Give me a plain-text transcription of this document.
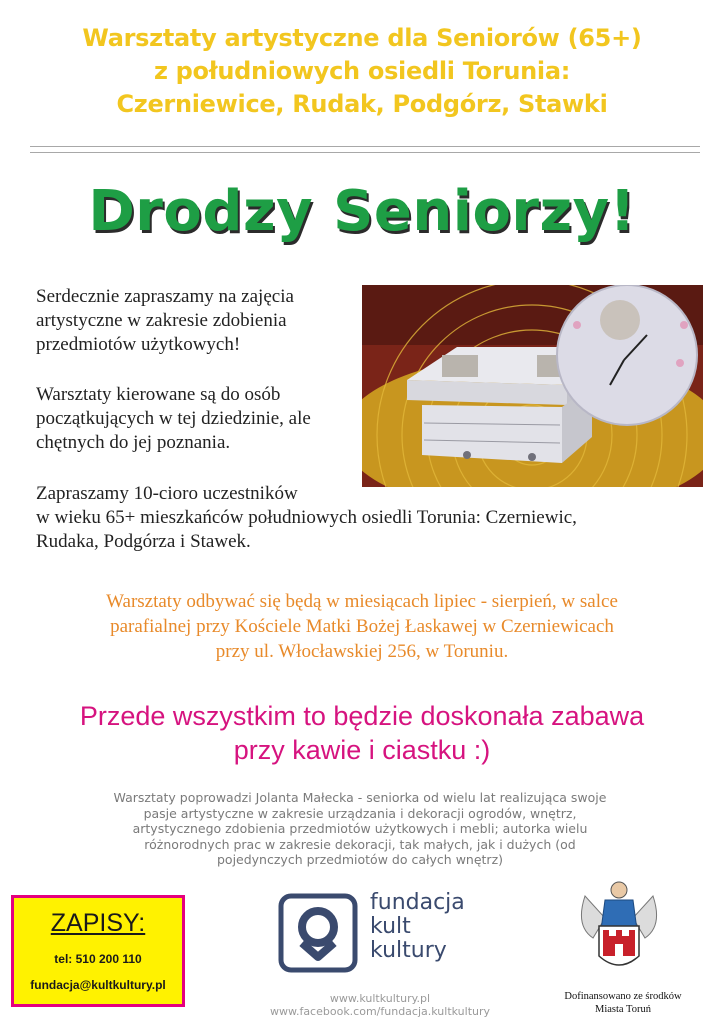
Warsztaty artystyczne dla Seniorów (65+)
z południowych osiedli Torunia:
Czerniewice, Rudak, Podgórz, Stawki
Drodzy Seniorzy!
Serdecznie zapraszamy na zajęcia artystyczne w zakresie zdobienia przedmiotów użytkowych!
Warsztaty kierowane są do osób początkujących w tej dziedzinie, ale chętnych do jej poznania.
Zapraszamy 10-cioro uczestników
w wieku 65+ mieszkańców południowych osiedli Torunia: Czerniewic,
Rudaka, Podgórza i Stawek.
Warsztaty odbywać się będą w miesiącach lipiec - sierpień, w salce
parafialnej przy Kościele Matki Bożej Łaskawej w Czerniewicach
przy ul. Włocławskiej 256, w Toruniu.
Przede wszystkim to będzie doskonała zabawa
przy kawie i ciastku :)
Warsztaty poprowadzi Jolanta Małecka - seniorka od wielu lat realizująca swoje
pasje artystyczne w zakresie urządzania i dekoracji ogrodów, wnętrz,
artystycznego zdobienia przedmiotów użytkowych i mebli; autorka wielu
różnorodnych prac w zakresie dekoracji, tak małych, jak i dużych (od
pojedynczych przedmiotów do całych wnętrz)
ZAPISY:
tel: 510 200 110
fundacja@kultkultury.pl
fundacja
kult
kultury
www.kultkultury.pl
www.facebook.com/fundacja.kultkultury
Dofinansowano ze środków
Miasta Toruń
